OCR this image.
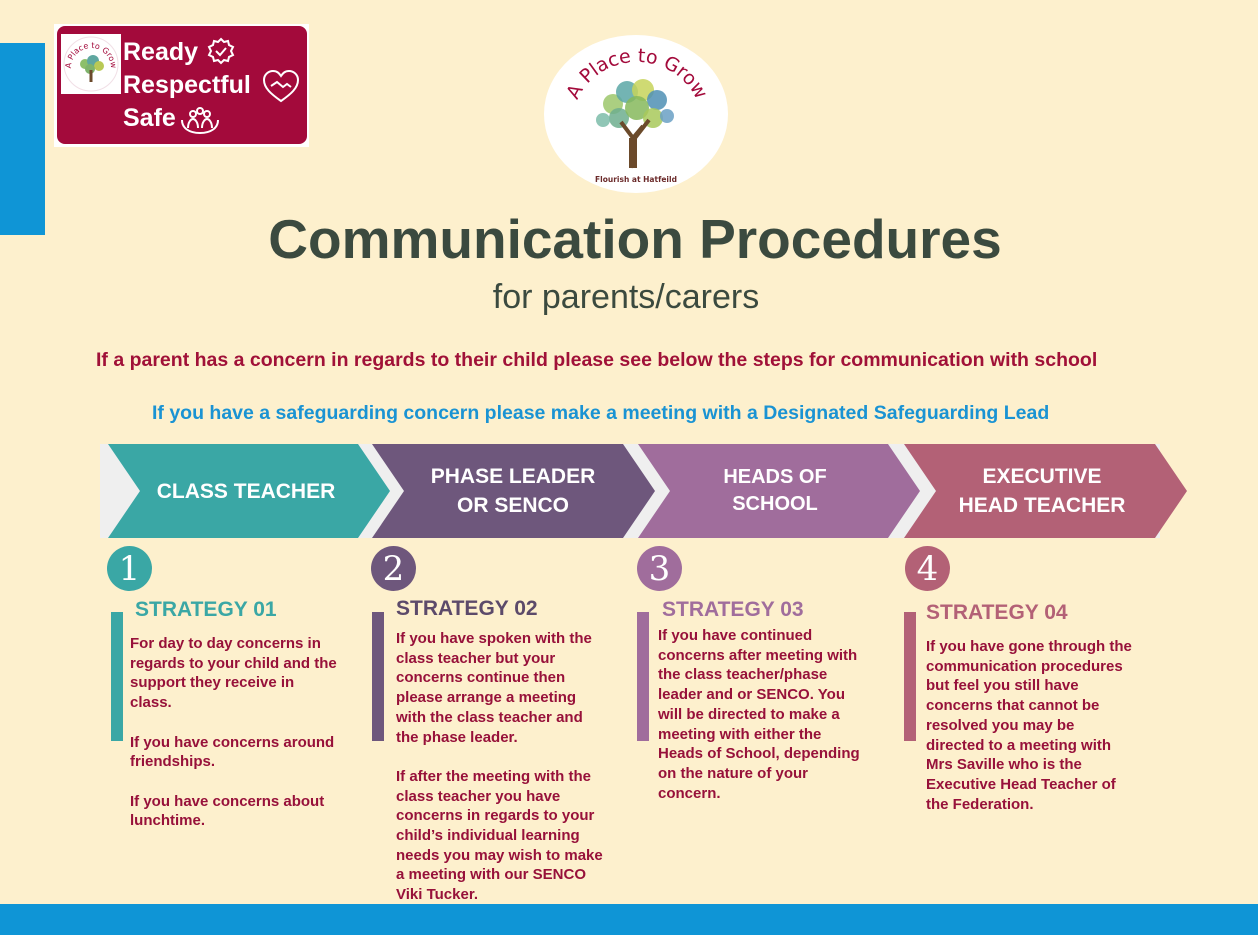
A Place to Grow Ready
Respectful
Safe
A Place to Grow
Flourish at Hatfeild
Communication Procedures
for parents/carers
If a parent has a concern in regards to their child please see below the steps for communication with school
If you have a safeguarding concern please make a meeting with a Designated Safeguarding Lead
CLASS TEACHER
PHASE LEADER
OR SENCO
HEADS OF
SCHOOL
EXECUTIVE
HEAD TEACHER
1	2	3	4
STRATEGY 01	STRATEGY 02	STRATEGY 03	STRATEGY 04

For day to day concerns in
regards to your child and the
support they receive in
class.

If you have concerns around
friendships.

If you have concerns about
lunchtime.

If you have spoken with the
class teacher but your
concerns continue then
please arrange a meeting
with the class teacher and
the phase leader.

If after the meeting with the
class teacher you have
concerns in regards to your
child’s individual learning
needs you may wish to make
a meeting with our SENCO
Viki Tucker.

If you have continued
concerns after meeting with
the class teacher/phase
leader and or SENCO. You
will be directed to make a
meeting with either the
Heads of School, depending
on the nature of your
concern.

If you have gone through the
communication procedures
but feel you still have
concerns that cannot be
resolved you may be
directed to a meeting with
Mrs Saville who is the
Executive Head Teacher of
the Federation.
